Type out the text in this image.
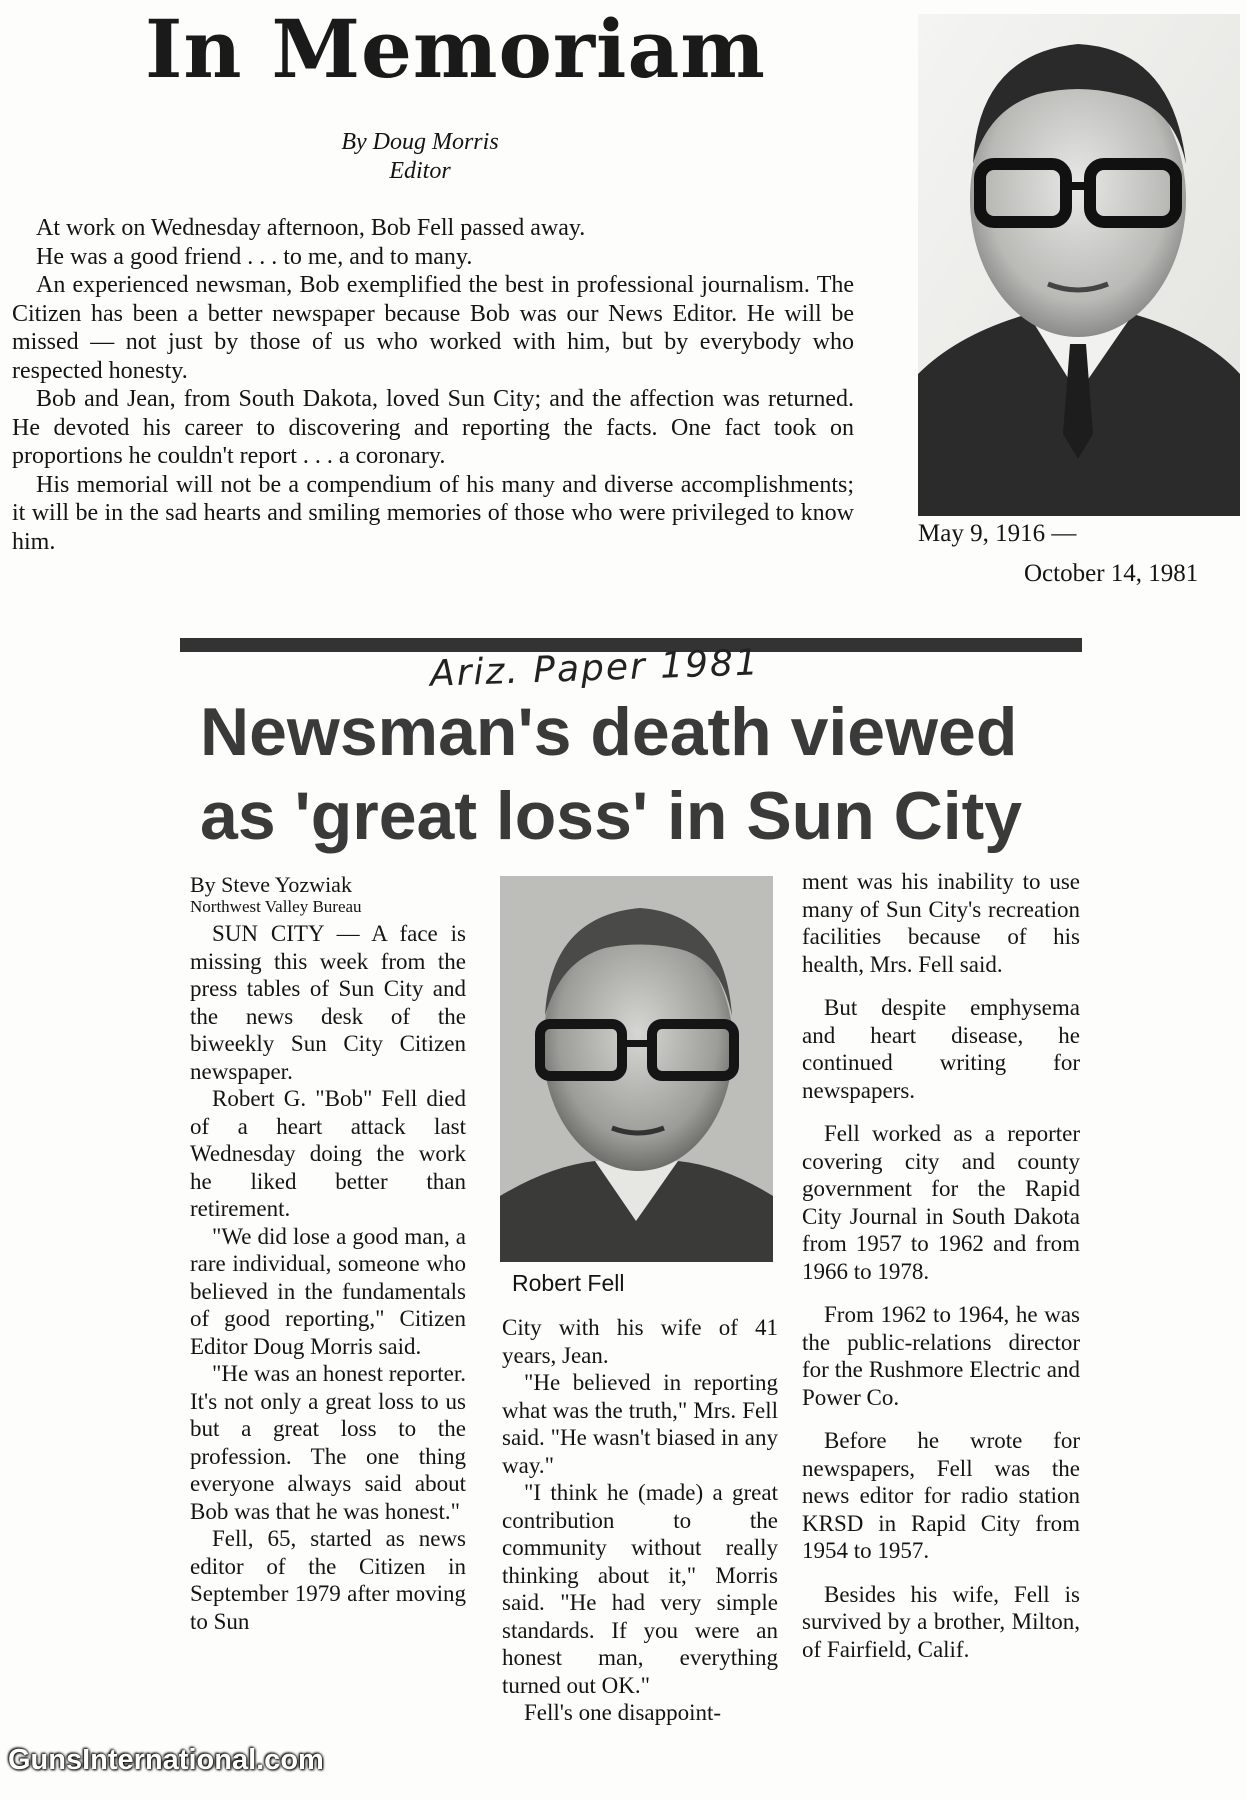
In Memoriam
By Doug Morris
Editor

At work on Wednesday afternoon, Bob Fell passed away.

He was a good friend . . . to me, and to many.

An experienced newsman, Bob exemplified the best in professional journalism. The Citizen has been a better newspaper because Bob was our News Editor. He will be missed — not just by those of us who worked with him, but by everybody who respected honesty.

Bob and Jean, from South Dakota, loved Sun City; and the affection was returned. He devoted his career to discovering and reporting the facts. One fact took on proportions he couldn't report . . . a coronary.

His memorial will not be a compendium of his many and diverse accomplishments; it will be in the sad hearts and smiling memories of those who were privileged to know him.	May 9, 1916 —
October 14, 1981
Ariz. Paper 1981
Newsman's death viewed
as 'great loss' in Sun City
By Steve Yozwiak
Northwest Valley Bureau

SUN CITY — A face is missing this week from the press tables of Sun City and the news desk of the biweekly Sun City Citizen newspaper.

Robert G. "Bob" Fell died of a heart attack last Wednesday doing the work he liked better than retirement.

"We did lose a good man, a rare individual, someone who believed in the fundamentals of good reporting," Citizen Editor Doug Morris said.

"He was an honest reporter. It's not only a great loss to us but a great loss to the profession. The one thing everyone always said about Bob was that he was honest."

Fell, 65, started as news editor of the Citizen in September 1979 after moving to Sun

Robert Fell

City with his wife of 41 years, Jean.

"He believed in reporting what was the truth," Mrs. Fell said. "He wasn't biased in any way."

"I think he (made) a great contribution to the community without really thinking about it," Morris said. "He had very simple standards. If you were an honest man, everything turned out OK."

Fell's one disappoint-

ment was his inability to use many of Sun City's recreation facilities because of his health, Mrs. Fell said.

But despite emphysema and heart disease, he continued writing for newspapers.

Fell worked as a reporter covering city and county government for the Rapid City Journal in South Dakota from 1957 to 1962 and from 1966 to 1978.

From 1962 to 1964, he was the public-relations director for the Rushmore Electric and Power Co.

Before he wrote for newspapers, Fell was the news editor for radio station KRSD in Rapid City from 1954 to 1957.

Besides his wife, Fell is survived by a brother, Milton, of Fairfield, Calif.

GunsInternational.com
